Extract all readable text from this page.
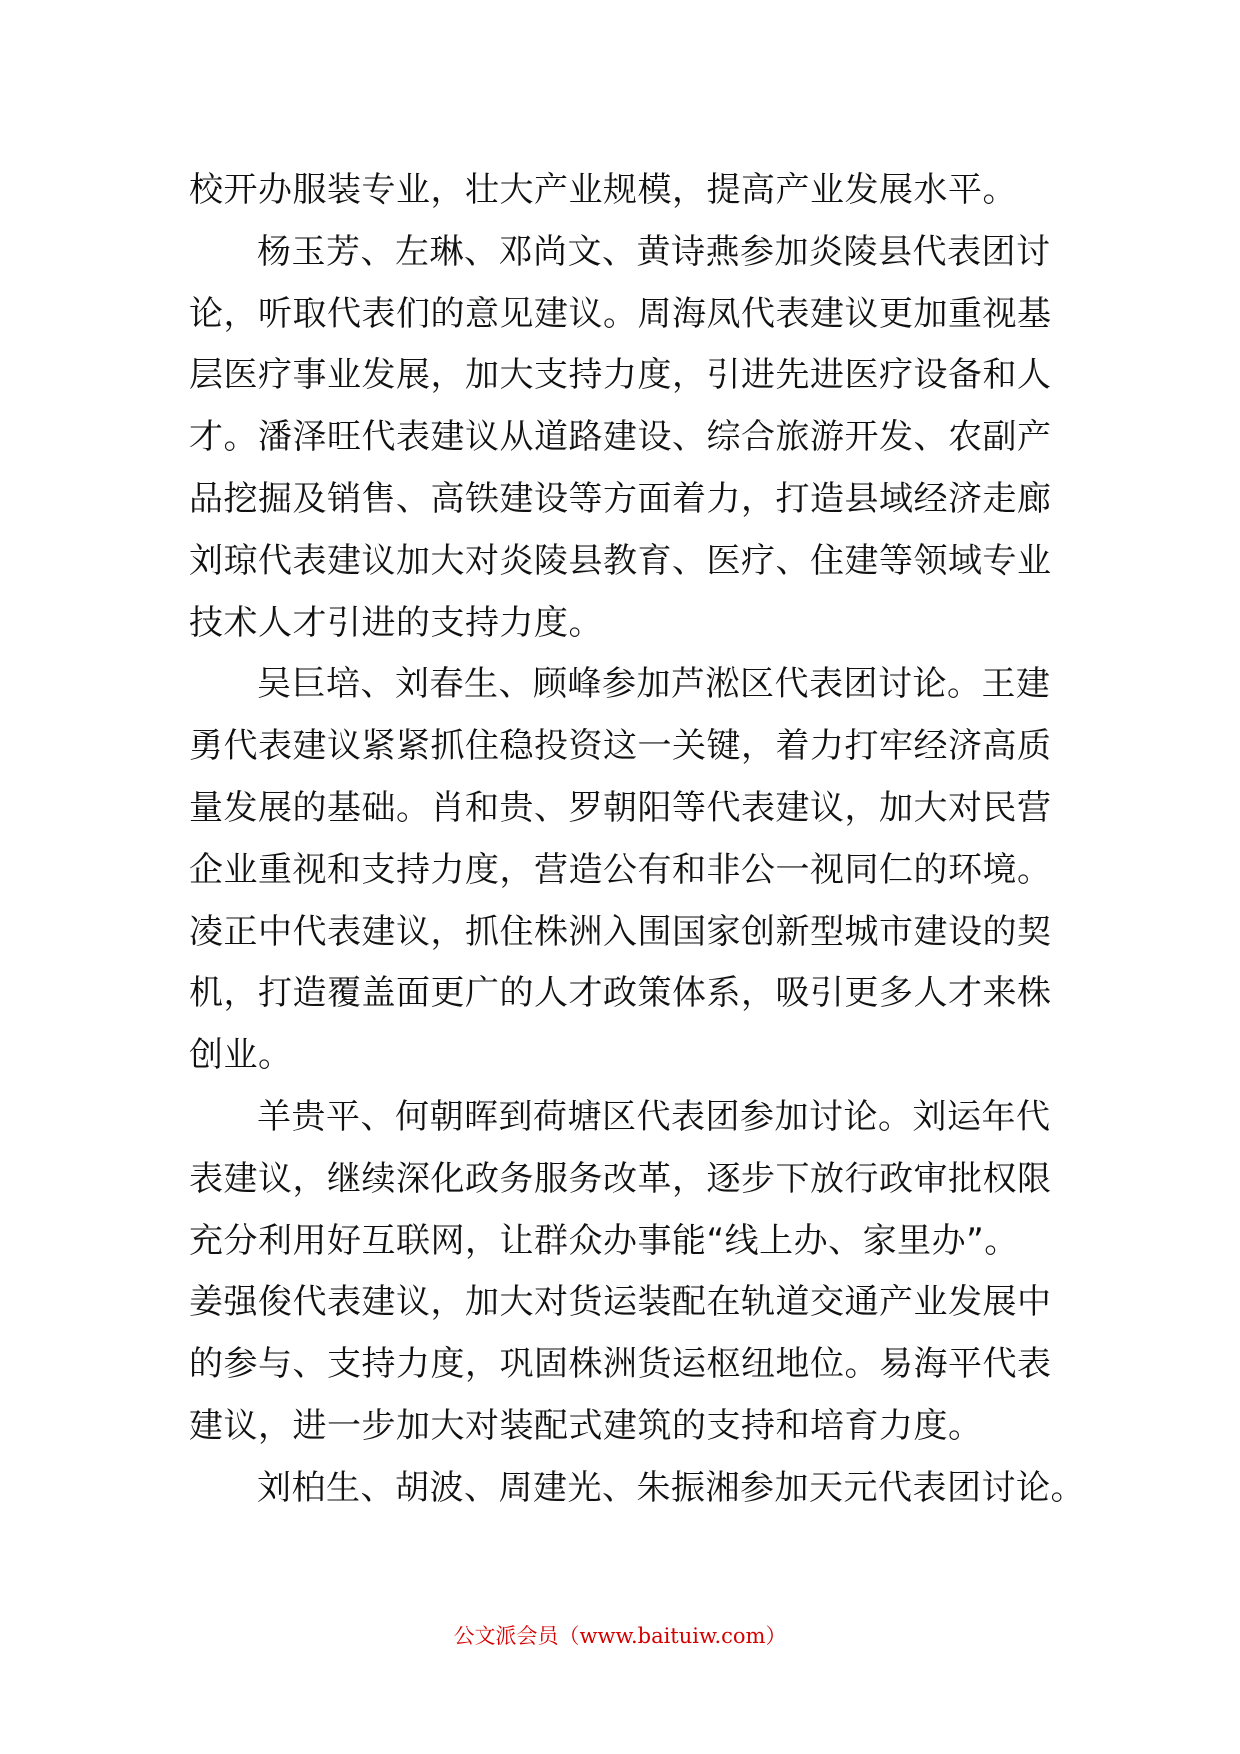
校开办服装专业，壮大产业规模，提高产业发展水平。
杨玉芳、左琳、邓尚文、黄诗燕参加炎陵县代表团讨
论，听取代表们的意见建议。周海凤代表建议更加重视基
层医疗事业发展，加大支持力度，引进先进医疗设备和人
才。潘泽旺代表建议从道路建设、综合旅游开发、农副产
品挖掘及销售、高铁建设等方面着力，打造县域经济走廊
刘琼代表建议加大对炎陵县教育、医疗、住建等领域专业
技术人才引进的支持力度。
吴巨培、刘春生、顾峰参加芦淞区代表团讨论。王建
勇代表建议紧紧抓住稳投资这一关键，着力打牢经济高质
量发展的基础。肖和贵、罗朝阳等代表建议，加大对民营
企业重视和支持力度，营造公有和非公一视同仁的环境。
凌正中代表建议，抓住株洲入围国家创新型城市建设的契
机，打造覆盖面更广的人才政策体系，吸引更多人才来株
创业。
羊贵平、何朝晖到荷塘区代表团参加讨论。刘运年代
表建议，继续深化政务服务改革，逐步下放行政审批权限
充分利用好互联网，让群众办事能“线上办、家里办”。
姜强俊代表建议，加大对货运装配在轨道交通产业发展中
的参与、支持力度，巩固株洲货运枢纽地位。易海平代表
建议，进一步加大对装配式建筑的支持和培育力度。
刘柏生、胡波、周建光、朱振湘参加天元代表团讨论。
公文派会员（www.baituiw.com）
